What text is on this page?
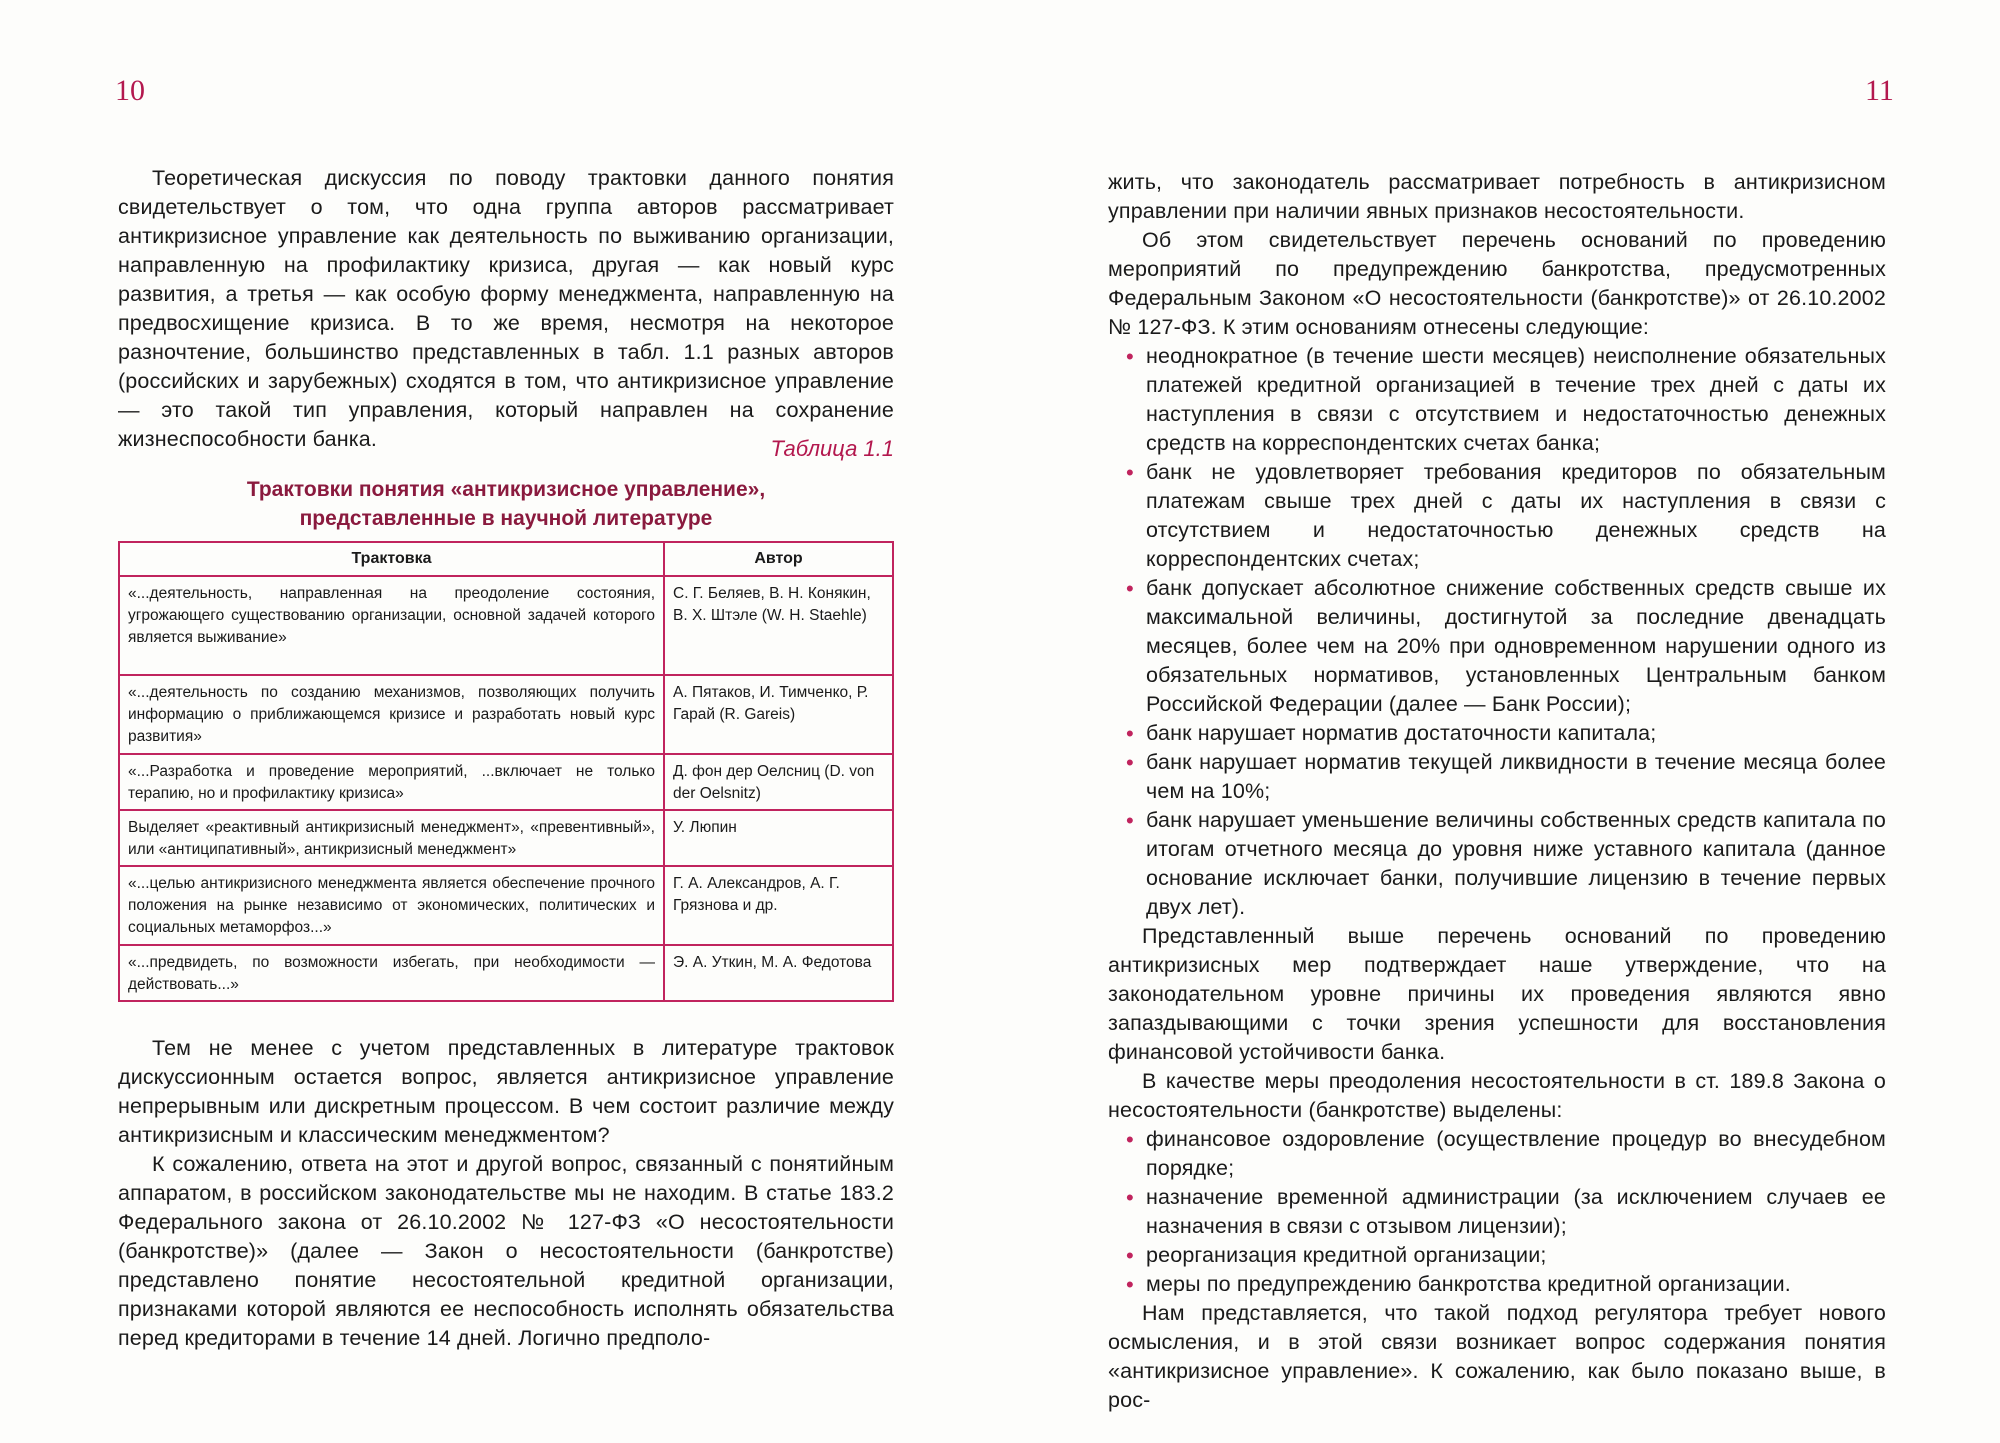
10

Теоретическая дискуссия по поводу трактовки данного понятия свидетельствует о том, что одна группа авторов рассматривает антикризисное управление как деятельность по выживанию организации, направленную на профилактику кризиса, другая — как новый курс развития, а третья — как особую форму менеджмента, направленную на предвосхищение кризиса. В то же время, несмотря на некоторое разночтение, большинство представленных в табл. 1.1 разных авторов (российских и зарубежных) сходятся в том, что антикризисное управление — это такой тип управления, который направлен на сохранение жизнеспособности банка.	Таблица 1.1
Трактовки понятия «антикризисное управление»,
представленные в научной литературе
Трактовка	Автор
«...деятельность, направленная на преодоление состояния, угрожающего существованию организации, основной задачей которого является выживание»	С. Г. Беляев, В. Н. Конякин, В. Х. Штэле (W. H. Staehle)
«...деятельность по созданию механизмов, позволяющих получить информацию о приближающемся кризисе и разработать новый курс развития»	А. Пятаков, И. Тимченко, Р. Гарай (R. Gareis)
«...Разработка и проведение мероприятий, ...включает не только терапию, но и профилактику кризиса»	Д. фон дер Оелсниц (D. von der Oelsnitz)
Выделяет «реактивный антикризисный менеджмент», «превентивный», или «антиципативный», антикризисный менеджмент»	У. Люпин
«...целью антикризисного менеджмента является обеспечение прочного положения на рынке независимо от экономических, политических и социальных метаморфоз...»	Г. А. Александров, А. Г. Грязнова и др.
«...предвидеть, по возможности избегать, при необходимости — действовать...»	Э. А. Уткин, М. А. Федотова

Тем не менее с учетом представленных в литературе трактовок дискуссионным остается вопрос, является антикризисное управление непрерывным или дискретным процессом. В чем состоит различие между антикризисным и классическим менеджментом?

К сожалению, ответа на этот и другой вопрос, связанный с понятийным аппаратом, в российском законодательстве мы не находим. В статье 183.2 Федерального закона от 26.10.2002 № 127-ФЗ «О несостоятельности (банкротстве)» (далее — Закон о несостоятельности (банкротстве) представлено понятие несостоятельной кредитной организации, признаками которой являются ее неспособность исполнять обязательства перед кредиторами в течение 14 дней. Логично предполо-

11

жить, что законодатель рассматривает потребность в антикризисном управлении при наличии явных признаков несостоятельности.

Об этом свидетельствует перечень оснований по проведению мероприятий по предупреждению банкротства, предусмотренных Федеральным Законом «О несостоятельности (банкротстве)» от 26.10.2002 № 127-ФЗ. К этим основаниям отнесены следующие:

• неоднократное (в течение шести месяцев) неисполнение обязательных платежей кредитной организацией в течение трех дней с даты их наступления в связи с отсутствием и недостаточностью денежных средств на корреспондентских счетах банка;
• банк не удовлетворяет требования кредиторов по обязательным платежам свыше трех дней с даты их наступления в связи с отсутствием и недостаточностью денежных средств на корреспондентских счетах;
• банк допускает абсолютное снижение собственных средств свыше их максимальной величины, достигнутой за последние двенадцать месяцев, более чем на 20% при одновременном нарушении одного из обязательных нормативов, установленных Центральным банком Российской Федерации (далее — Банк России);
• банк нарушает норматив достаточности капитала;
• банк нарушает норматив текущей ликвидности в течение месяца более чем на 10%;
• банк нарушает уменьшение величины собственных средств капитала по итогам отчетного месяца до уровня ниже уставного капитала (данное основание исключает банки, получившие лицензию в течение первых двух лет).

Представленный выше перечень оснований по проведению антикризисных мер подтверждает наше утверждение, что на законодательном уровне причины их проведения являются явно запаздывающими с точки зрения успешности для восстановления финансовой устойчивости банка.

В качестве меры преодоления несостоятельности в ст. 189.8 Закона о несостоятельности (банкротстве) выделены:

• финансовое оздоровление (осуществление процедур во внесудебном порядке;
• назначение временной администрации (за исключением случаев ее назначения в связи с отзывом лицензии);
• реорганизация кредитной организации;
• меры по предупреждению банкротства кредитной организации.

Нам представляется, что такой подход регулятора требует нового осмысления, и в этой связи возникает вопрос содержания понятия «антикризисное управление». К сожалению, как было показано выше, в рос-
